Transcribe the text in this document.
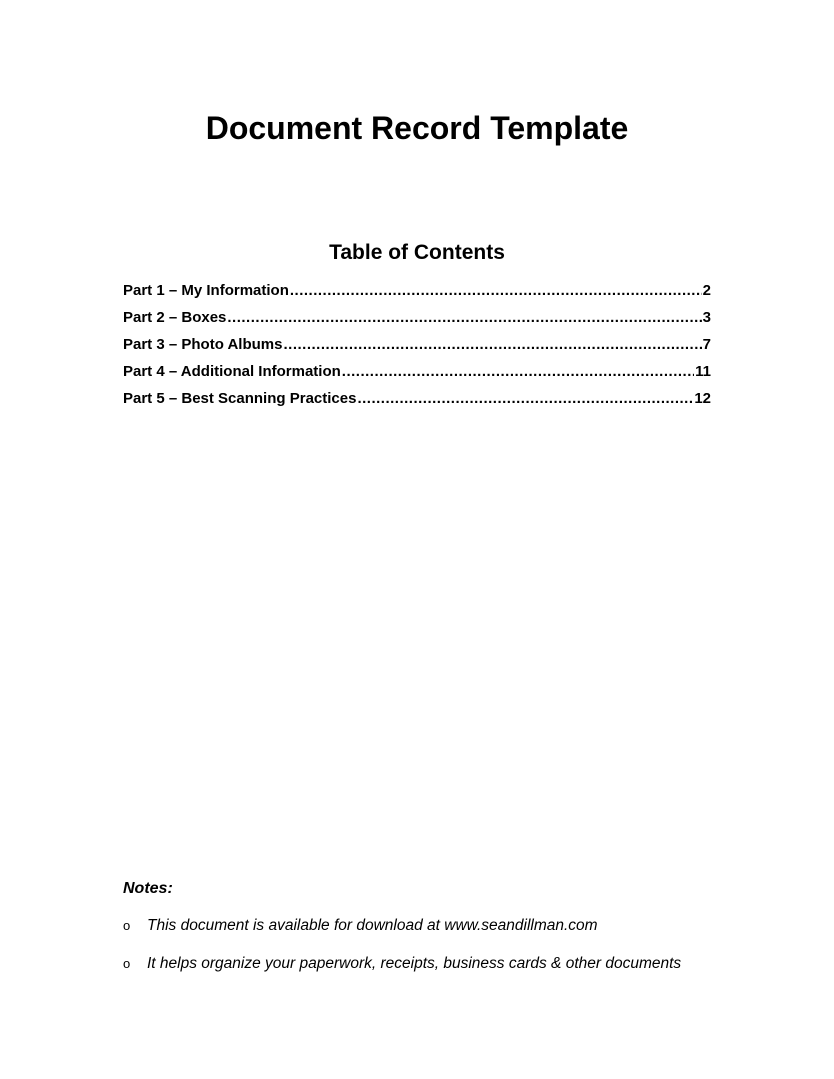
Document Record Template
Table of Contents
Part 1 – My Information .....	2
Part 2 – Boxes .....	3
Part 3 – Photo Albums .....	7
Part 4 – Additional Information .....	11
Part 5 – Best Scanning Practices .....	12
Notes:
o	This document is available for download at www.seandillman.com
o	It helps organize your paperwork, receipts, business cards & other documents
